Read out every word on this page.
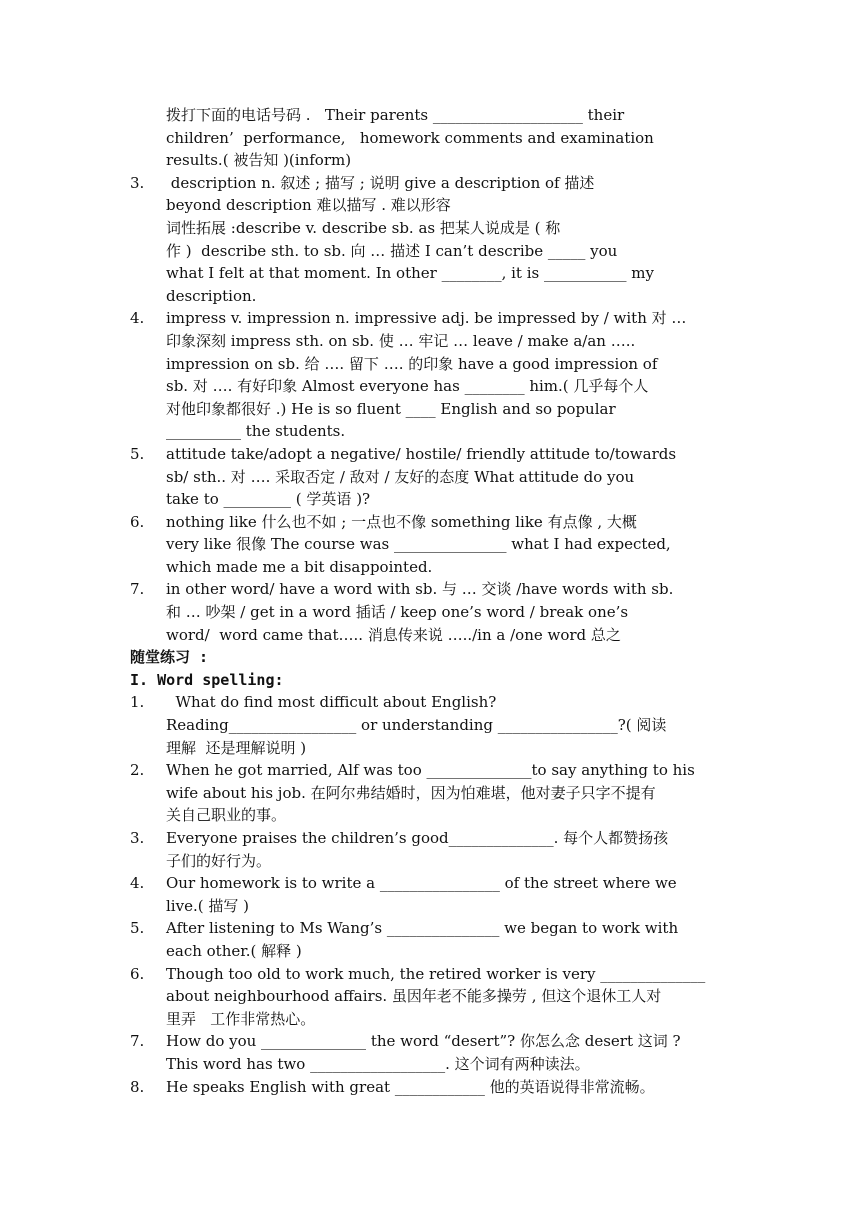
拨打下面的电话号码 .   Their parents ____________________ their
children’  performance,   homework comments and examination
results.( 被告知 )(inform)
3. description n. 叙述 ; 描写 ; 说明 give a description of 描述
beyond description 难以描写 . 难以形容
词性拓展 :describe v. describe sb. as 把某人说成是 ( 称
作 )  describe sth. to sb. 向 … 描述 I can’t describe _____ you
what I felt at that moment. In other ________, it is ___________ my
description.
4. impress v. impression n. impressive adj. be impressed by / with 对 …
印象深刻 impress sth. on sb. 使 … 牢记 … leave / make a/an …..
impression on sb. 给 …. 留下 …. 的印象 have a good impression of
sb. 对 …. 有好印象 Almost everyone has ________ him.( 几乎每个人
对他印象都很好 .) He is so fluent ____ English and so popular
__________ the students.
5. attitude take/adopt a negative/ hostile/ friendly attitude to/towards
sb/ sth.. 对 …. 采取否定 / 敌对 / 友好的态度 What attitude do you
take to _________ ( 学英语 )?
6. nothing like 什么也不如 ; 一点也不像 something like 有点像 , 大概
very like 很像 The course was _______________ what I had expected,
which made me a bit disappointed.
7. in other word/ have a word with sb. 与 … 交谈 /have words with sb.
和 … 吵架 / get in a word 插话 / keep one’s word / break one’s
word/  word came that….. 消息传来说 …../in a /one word 总之
随堂练习 :
I. Word spelling:
1. What do find most difficult about English?
Reading_________________ or understanding ________________?( 阅读
理解  还是理解说明 )
2. When he got married, Alf was too ______________to say anything to his
wife about his job. 在阿尔弗结婚时，因为怕难堪，他对妻子只字不提有
关自己职业的事。
3. Everyone praises the children’s good______________. 每个人都赞扬孩
子们的好行为。
4. Our homework is to write a ________________ of the street where we
live.( 描写 )
5. After listening to Ms Wang’s _______________ we began to work with
each other.( 解释 )
6. Though too old to work much, the retired worker is very ______________
about neighbourhood affairs. 虽因年老不能多操劳 , 但这个退休工人对
里弄   工作非常热心。
7. How do you ______________ the word “desert”? 你怎么念 desert 这词 ?
This word has two __________________. 这个词有两种读法。
8. He speaks English with great ____________ 他的英语说得非常流畅。
